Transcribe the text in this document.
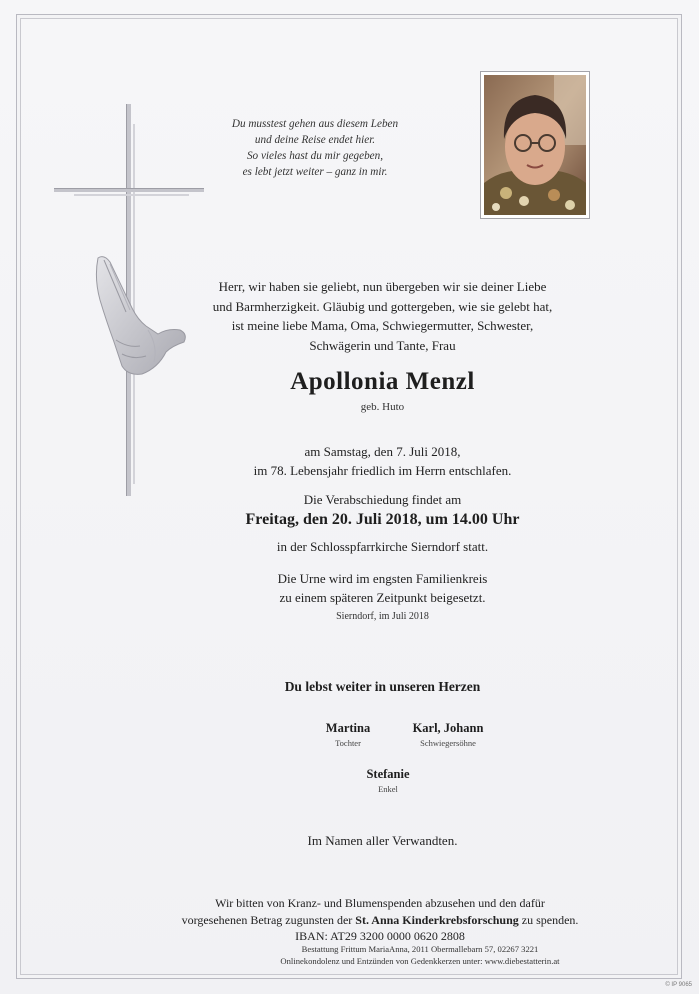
Du musstest gehen aus diesem Leben
und deine Reise endet hier.
So vieles hast du mir gegeben,
es lebt jetzt weiter – ganz in mir.
Herr, wir haben sie geliebt, nun übergeben wir sie deiner Liebe
und Barmherzigkeit. Gläubig und gottergeben, wie sie gelebt hat,
ist meine liebe Mama, Oma, Schwiegermutter, Schwester,
Schwägerin und Tante, Frau
Apollonia Menzl
geb. Huto
am Samstag, den 7. Juli 2018,
im 78. Lebensjahr friedlich im Herrn entschlafen.
Die Verabschiedung findet am
Freitag, den 20. Juli 2018, um 14.00 Uhr
in der Schlosspfarrkirche Sierndorf statt.
Die Urne wird im engsten Familienkreis
zu einem späteren Zeitpunkt beigesetzt.
Sierndorf, im Juli 2018
Du lebst weiter in unseren Herzen
Martina
Tochter
Karl, Johann
Schwiegersöhne
Stefanie
Enkel
Im Namen aller Verwandten.
Wir bitten von Kranz- und Blumenspenden abzusehen und den dafür
vorgesehenen Betrag zugunsten der St. Anna Kinderkrebsforschung zu spenden.
IBAN: AT29 3200 0000 0620 2808
Bestattung Frittum MariaAnna, 2011 Obermallebarn 57, 02267 3221
Onlinekondolenz und Entzünden von Gedenkkerzen unter: www.diebestatterin.at
© IP 9065
